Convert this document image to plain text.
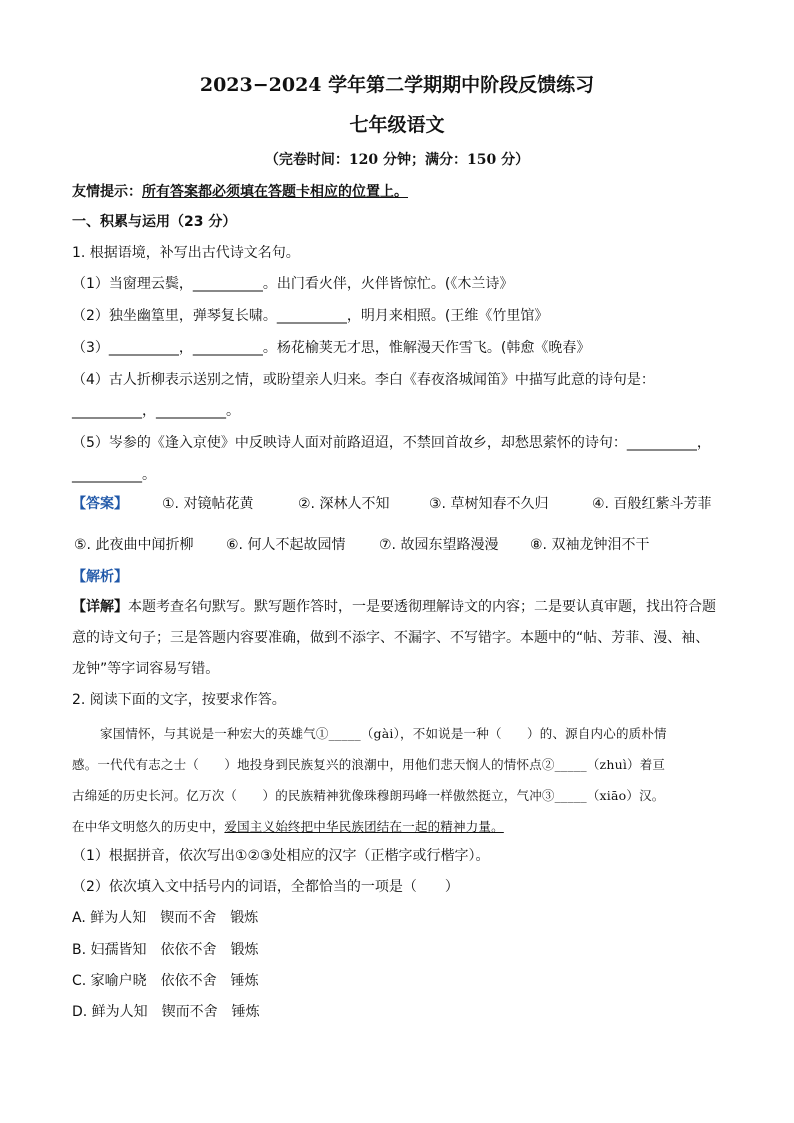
2023−2024 学年第二学期期中阶段反馈练习
七年级语文
（完卷时间：120 分钟；满分：150 分）
友情提示：所有答案都必须填在答题卡相应的位置上。
一、积累与运用（23 分）
1. 根据语境，补写出古代诗文名句。
（1）当窗理云鬓，__________。出门看火伴，火伴皆惊忙。(《木兰诗》
（2）独坐幽篁里，弹琴复长啸。__________，明月来相照。(王维《竹里馆》
（3）__________，__________。杨花榆荚无才思，惟解漫天作雪飞。(韩愈《晚春》
（4）古人折柳表示送别之情，或盼望亲人归来。李白《春夜洛城闻笛》中描写此意的诗句是：
__________，__________。
（5）岑参的《逢入京使》中反映诗人面对前路迢迢，不禁回首故乡，却愁思萦怀的诗句：__________，
__________。
【答案】 ①. 对镜帖花黄	②. 深林人不知	③. 草树知春不久归	④. 百般红紫斗芳菲
⑤. 此夜曲中闻折柳 ⑥. 何人不起故园情 ⑦. 故园东望路漫漫 ⑧. 双袖龙钟泪不干
【解析】
【详解】本题考查名句默写。默写题作答时，一是要透彻理解诗文的内容；二是要认真审题，找出符合题
意的诗文句子；三是答题内容要准确，做到不添字、不漏字、不写错字。本题中的“帖、芳菲、漫、袖、
龙钟”等字词容易写错。
2. 阅读下面的文字，按要求作答。
家国情怀，与其说是一种宏大的英雄气①_____（gài），不如说是一种（　　）的、源自内心的质朴情
感。一代代有志之士（　　）地投身到民族复兴的浪潮中，用他们悲天悯人的情怀点②_____（zhuì）着亘
古绵延的历史长河。亿万次（　　）的民族精神犹像珠穆朗玛峰一样傲然挺立，气冲③_____（xiāo）汉。
在中华文明悠久的历史中，爱国主义始终把中华民族团结在一起的精神力量。
（1）根据拼音，依次写出①②③处相应的汉字（正楷字或行楷字）。
（2）依次填入文中括号内的词语，全都恰当的一项是（　　）
A. 鲜为人知　锲而不舍　锻炼
B. 妇孺皆知　依依不舍　锻炼
C. 家喻户晓　依依不舍　锤炼
D. 鲜为人知　锲而不舍　锤炼
